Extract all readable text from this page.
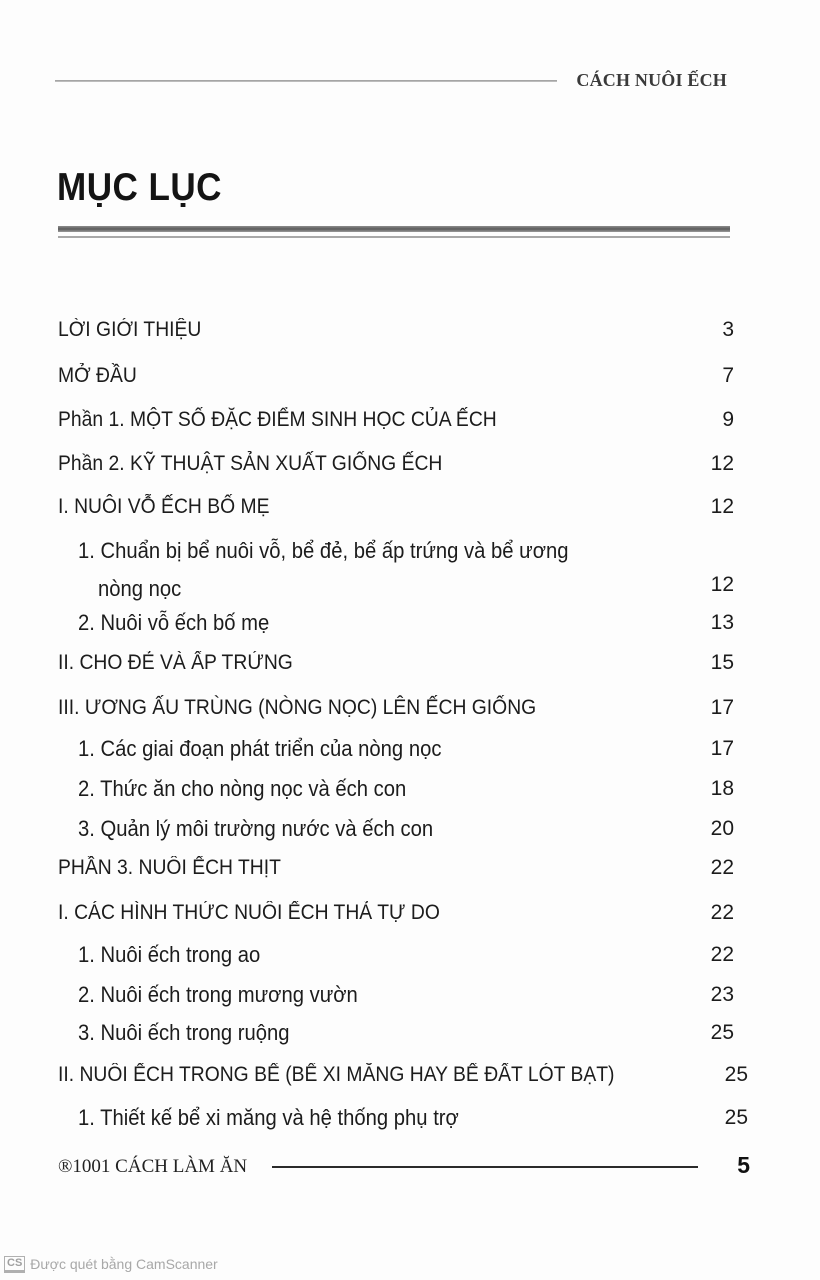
CÁCH NUÔI ẾCH
MỤC LỤC
LỜI GIỚI THIỆU	3
MỞ ĐẦU	7
Phần 1. MỘT SỐ ĐẶC ĐIỂM SINH HỌC CỦA ẾCH	9
Phần 2. KỸ THUẬT SẢN XUẤT GIỐNG ẾCH	12
I. NUÔI VỖ ẾCH BỐ MẸ	12
1. Chuẩn bị bể nuôi vỗ, bể đẻ, bể ấp trứng và bể ương
nòng nọc	12
2. Nuôi vỗ ếch bố mẹ	13
II. CHO ĐẺ VÀ ẤP TRỨNG	15
III. ƯƠNG ẤU TRÙNG (NÒNG NỌC) LÊN ẾCH GIỐNG	17
1. Các giai đoạn phát triển của nòng nọc	17
2. Thức ăn cho nòng nọc và ếch con	18
3. Quản lý môi trường nước và ếch con	20
PHẦN 3. NUÔI ẾCH THỊT	22
I. CÁC HÌNH THỨC NUÔI ẾCH THẢ TỰ DO	22
1. Nuôi ếch trong ao	22
2. Nuôi ếch trong mương vườn	23
3. Nuôi ếch trong ruộng	25
II. NUÔI ẾCH TRONG BỂ (BỂ XI MĂNG HAY BỂ ĐẤT LÓT BẠT)	25
1. Thiết kế bể xi măng và hệ thống phụ trợ	25
®1001 CÁCH LÀM ĂN	5
CS Được quét bằng CamScanner
